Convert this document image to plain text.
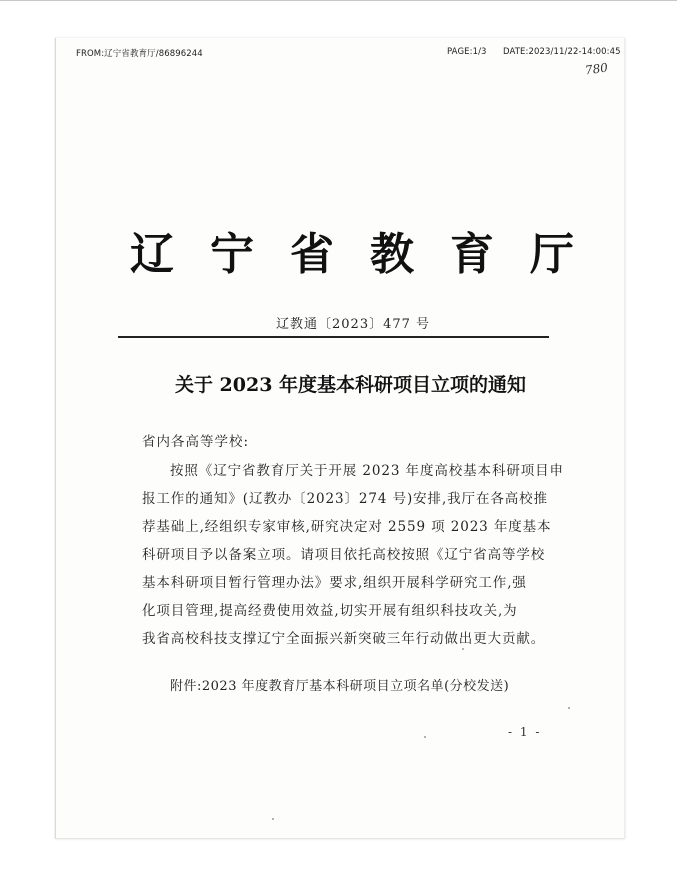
FROM:辽宁省教育厅/86896244	PAGE:1/3 DATE:2023/11/22-14:00:45
780
辽宁省教育厅
辽教通〔2023〕477 号
关于 2023 年度基本科研项目立项的通知
省内各高等学校:
按照《辽宁省教育厅关于开展 2023 年度高校基本科研项目申
报工作的通知》(辽教办〔2023〕274 号)安排,我厅在各高校推
荐基础上,经组织专家审核,研究决定对 2559 项 2023 年度基本
科研项目予以备案立项。请项目依托高校按照《辽宁省高等学校
基本科研项目暂行管理办法》要求,组织开展科学研究工作,强
化项目管理,提高经费使用效益,切实开展有组织科技攻关,为
我省高校科技支撑辽宁全面振兴新突破三年行动做出更大贡献。
附件:2023 年度教育厅基本科研项目立项名单(分校发送)
- 1 -
